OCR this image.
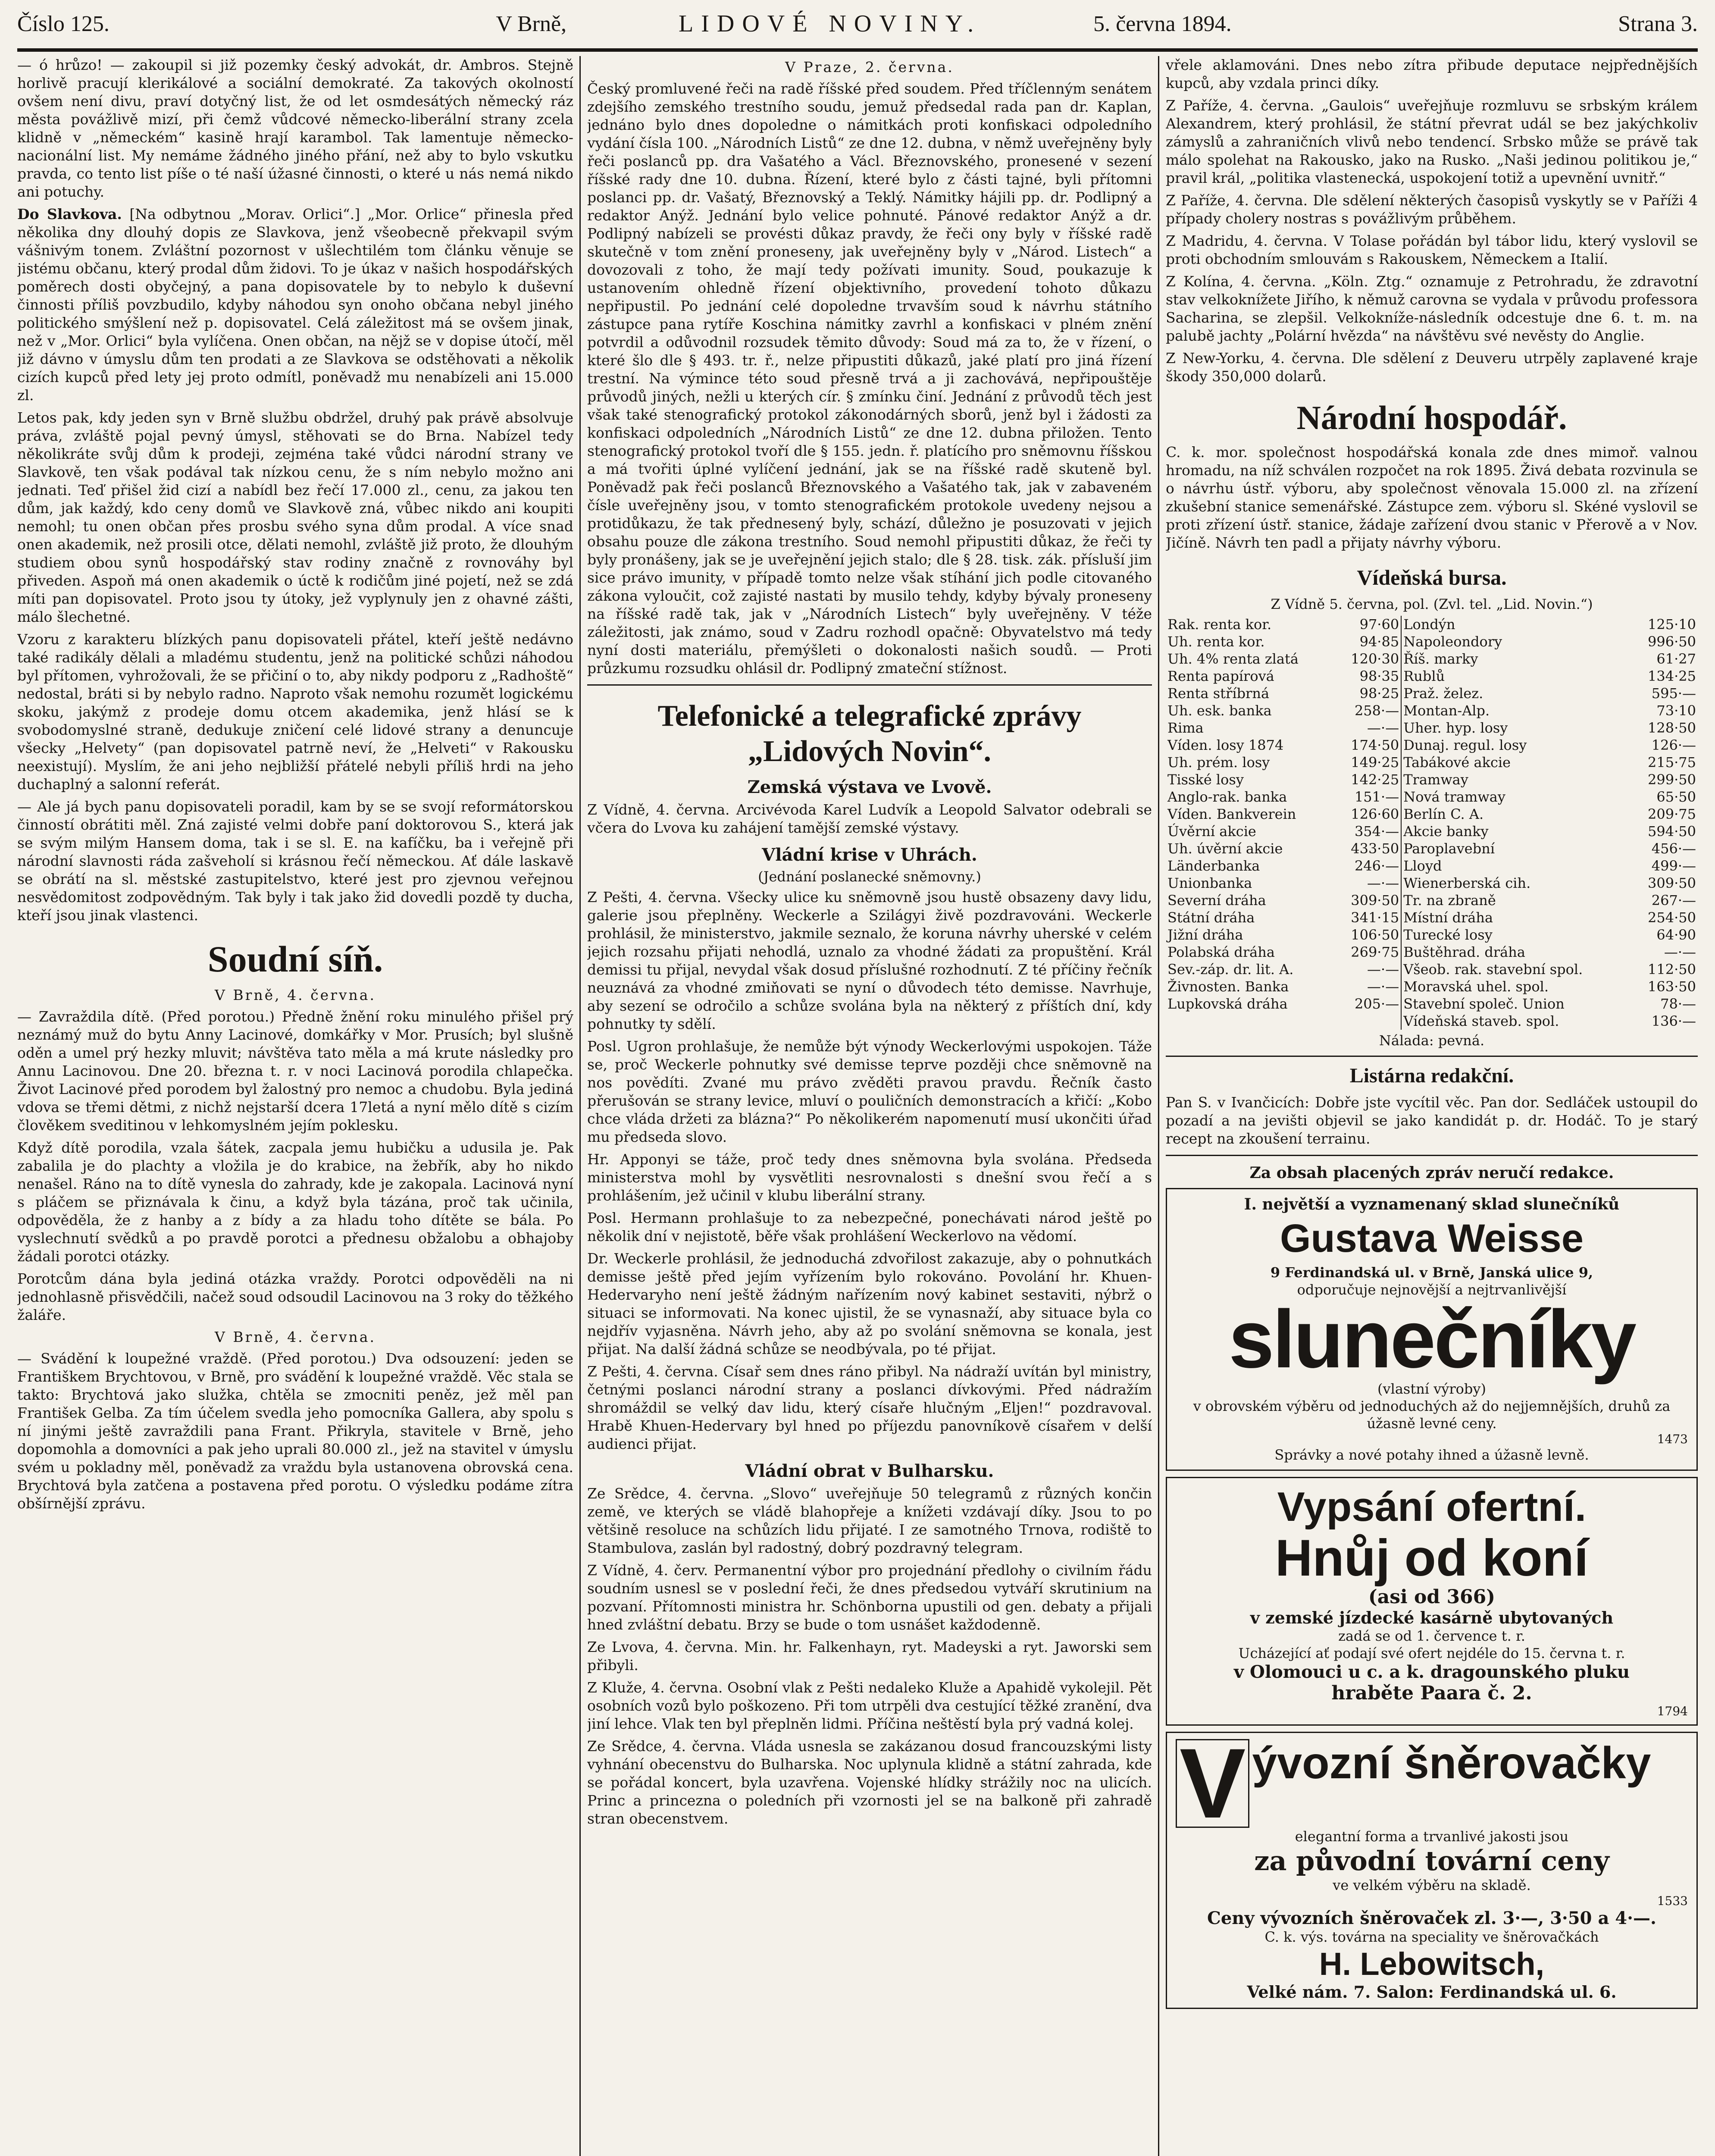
Číslo 125.	V Brně,	LIDOVÉ NOVINY.	5. června 1894.	Strana 3.

— ó hrůzo! — zakoupil si již pozemky český advokát, dr. Ambros. Stejně horlivě pracují klerikálové a sociální demokraté. Za takových okolností ovšem není divu, praví dotyčný list, že od let osmdesátých německý ráz města povážlivě mizí, při čemž vůdcové německo-liberální strany zcela klidně v „německém“ kasině hrají karambol. Tak lamentuje německo-nacionální list. My nemáme žádného jiného přání, než aby to bylo vskutku pravda, co tento list píše o té naší úžasné činnosti, o které u nás nemá nikdo ani potuchy.

Do Slavkova. [Na odbytnou „Morav. Orlici“.] „Mor. Orlice“ přinesla před několika dny dlouhý dopis ze Slavkova, jenž všeobecně překvapil svým vášnivým tonem. Zvláštní pozornost v ušlechtilém tom článku věnuje se jistému občanu, který prodal dům židovi. To je úkaz v našich hospodářských poměrech dosti obyčejný, a pana dopisovatele by to nebylo k duševní činnosti příliš povzbudilo, kdyby náhodou syn onoho občana nebyl jiného politického smýšlení než p. dopisovatel. Celá záležitost má se ovšem jinak, než v „Mor. Orlici“ byla vylíčena. Onen občan, na nějž se v dopise útočí, měl již dávno v úmyslu dům ten prodati a ze Slavkova se odstěhovati a několik cizích kupců před lety jej proto odmítl, poněvadž mu nenabízeli ani 15.000 zl.

Letos pak, kdy jeden syn v Brně službu obdržel, druhý pak právě absolvuje práva, zvláště pojal pevný úmysl, stěhovati se do Brna. Nabízel tedy několikráte svůj dům k prodeji, zejména také vůdci národní strany ve Slavkově, ten však podával tak nízkou cenu, že s ním nebylo možno ani jednati. Teď přišel žid cizí a nabídl bez řečí 17.000 zl., cenu, za jakou ten dům, jak každý, kdo ceny domů ve Slavkově zná, vůbec nikdo ani koupiti nemohl; tu onen občan přes prosbu svého syna dům prodal. A více snad onen akademik, než prosili otce, dělati nemohl, zvláště již proto, že dlouhým studiem obou synů hospodářský stav rodiny značně z rovnováhy byl přiveden. Aspoň má onen akademik o úctě k rodičům jiné pojetí, než se zdá míti pan dopisovatel. Proto jsou ty útoky, jež vyplynuly jen z ohavné zášti, málo šlechetné.

Vzoru z karakteru blízkých panu dopisovateli přátel, kteří ještě nedávno také radikály dělali a mladému studentu, jenž na politické schůzi náhodou byl přítomen, vyhrožovali, že se přičiní o to, aby nikdy podporu z „Radhoště“ nedostal, bráti si by nebylo radno. Naproto však nemohu rozumět logickému skoku, jakýmž z prodeje domu otcem akademika, jenž hlásí se k svobodomyslné straně, dedukuje zničení celé lidové strany a denuncuje všecky „Helvety“ (pan dopisovatel patrně neví, že „Helveti“ v Rakousku neexistují). Myslím, že ani jeho nejbližší přátelé nebyli příliš hrdi na jeho duchaplný a salonní referát.

— Ale já bych panu dopisovateli poradil, kam by se se svojí reformátorskou činností obrátiti měl. Zná zajisté velmi dobře paní doktorovou S., která jak se svým milým Hansem doma, tak i se sl. E. na kafíčku, ba i veřejně při národní slavnosti ráda zašveholí si krásnou řečí německou. Ať dále laskavě se obrátí na sl. městské zastupitelstvo, které jest pro zjevnou veřejnou nesvědomitost zodpovědným. Tak byly i tak jako žid dovedli pozdě ty ducha, kteří jsou jinak vlastenci.

Soudní síň.
V Brně, 4. června.

— Zavraždila dítě. (Před porotou.) Předně žnění roku minulého přišel prý neznámý muž do bytu Anny Lacinové, domkářky v Mor. Prusích; byl slušně oděn a umel prý hezky mluvit; návštěva tato měla a má krute následky pro Annu Lacinovou. Dne 20. března t. r. v noci Lacinová porodila chlapečka. Život Lacinové před porodem byl žalostný pro nemoc a chudobu. Byla jediná vdova se třemi dětmi, z nichž nejstarší dcera 17letá a nyní mělo dítě s cizím člověkem sveditinou v lehkomyslném jejím poklesku.

Když dítě porodila, vzala šátek, zacpala jemu hubičku a udusila je. Pak zabalila je do plachty a vložila je do krabice, na žebřík, aby ho nikdo nenašel. Ráno na to dítě vynesla do zahrady, kde je zakopala. Lacinová nyní s pláčem se přiznávala k činu, a když byla tázána, proč tak učinila, odpověděla, že z hanby a z bídy a za hladu toho dítěte se bála. Po vyslechnutí svědků a po pravdě porotci a přednesu obžalobu a obhajoby žádali porotci otázky.

Porotcům dána byla jediná otázka vraždy. Porotci odpověděli na ni jednohlasně přisvědčili, načež soud odsoudil Lacinovou na 3 roky do těžkého žaláře.

V Brně, 4. června.

— Svádění k loupežné vraždě. (Před porotou.) Dva odsouzení: jeden se Františkem Brychtovou, v Brně, pro svádění k loupežné vraždě. Věc stala se takto: Brychtová jako služka, chtěla se zmocniti peněz, jež měl pan František Gelba. Za tím účelem svedla jeho pomocníka Gallera, aby spolu s ní jinými ještě zavraždili pana Frant. Přikryla, stavitele v Brně, jeho dopomohla a domovníci a pak jeho uprali 80.000 zl., jež na stavitel v úmyslu svém u pokladny měl, poněvadž za vraždu byla ustanovena obrovská cena. Brychtová byla zatčena a postavena před porotu. O výsledku podáme zítra obšírnější zprávu.

V Praze, 2. června.

Český promluvené řeči na radě říšské před soudem. Před tříčlenným senátem zdejšího zemského trestního soudu, jemuž předsedal rada pan dr. Kaplan, jednáno bylo dnes dopoledne o námitkách proti konfiskaci odpoledního vydání čísla 100. „Národních Listů“ ze dne 12. dubna, v němž uveřejněny byly řeči poslanců pp. dra Vašatého a Václ. Březnovského, pronesené v sezení říšské rady dne 10. dubna. Řízení, které bylo z části tajné, byli přítomni poslanci pp. dr. Vašatý, Březnovský a Teklý. Námitky hájili pp. dr. Podlipný a redaktor Anýž. Jednání bylo velice pohnuté. Pánové redaktor Anýž a dr. Podlipný nabízeli se provésti důkaz pravdy, že řeči ony byly v říšské radě skutečně v tom znění proneseny, jak uveřejněny byly v „Národ. Listech“ a dovozovali z toho, že mají tedy požívati imunity. Soud, poukazuje k ustanovením ohledně řízení objektivního, provedení tohoto důkazu nepřipustil. Po jednání celé dopoledne trvavším soud k návrhu státního zástupce pana rytíře Koschina námitky zavrhl a konfiskaci v plném znění potvrdil a odůvodnil rozsudek těmito důvody: Soud má za to, že v řízení, o které šlo dle § 493. tr. ř., nelze připustiti důkazů, jaké platí pro jiná řízení trestní. Na výmince této soud přesně trvá a ji zachovává, nepřipouštěje průvodů jiných, nežli u kterých cír. § zmínku činí. Jednání z průvodů těch jest však také stenografický protokol zákonodárných sborů, jenž byl i žádosti za konfiskaci odpoledních „Národních Listů“ ze dne 12. dubna přiložen. Tento stenografický protokol tvoří dle § 155. jedn. ř. platícího pro sněmovnu říšskou a má tvořiti úplné vylíčení jednání, jak se na říšské radě skuteně byl. Poněvadž pak řeči poslanců Březnovského a Vašatého tak, jak v zabaveném čísle uveřejněny jsou, v tomto stenografickém protokole uvedeny nejsou a protidůkazu, že tak přednesený byly, schází, důležno je posuzovati v jejich obsahu pouze dle zákona trestního. Soud nemohl připustiti důkaz, že řeči ty byly pronášeny, jak se je uveřejnění jejich stalo; dle § 28. tisk. zák. přísluší jim sice právo imunity, v případě tomto nelze však stíhání jich podle citovaného zákona vyloučit, což zajisté nastati by musilo tehdy, kdyby bývaly proneseny na říšské radě tak, jak v „Národních Listech“ byly uveřejněny. V téže záležitosti, jak známo, soud v Zadru rozhodl opačně: Obyvatelstvo má tedy nyní dosti materiálu, přemýšleti o dokonalosti našich soudů. — Proti průzkumu rozsudku ohlásil dr. Podlipný zmateční stížnost.

Telefonické a telegrafické zprávy „Lidových Novin“.
Zemská výstava ve Lvově.

Z Vídně, 4. června. Arcivévoda Karel Ludvík a Leopold Salvator odebrali se včera do Lvova ku zahájení tamější zemské výstavy.

Vládní krise v Uhrách.
(Jednání poslanecké sněmovny.)

Z Pešti, 4. června. Všecky ulice ku sněmovně jsou hustě obsazeny davy lidu, galerie jsou přeplněny. Weckerle a Szilágyi živě pozdravováni. Weckerle prohlásil, že ministerstvo, jakmile seznalo, že koruna návrhy uherské v celém jejich rozsahu přijati nehodlá, uznalo za vhodné žádati za propuštění. Král demissi tu přijal, nevydal však dosud příslušné rozhodnutí. Z té příčiny řečník neuznává za vhodné zmiňovati se nyní o důvodech této demisse. Navrhuje, aby sezení se odročilo a schůze svolána byla na některý z příštích dní, kdy pohnutky ty sdělí.

Posl. Ugron prohlašuje, že nemůže být výnody Weckerlovými uspokojen. Táže se, proč Weckerle pohnutky své demisse teprve později chce sněmovně na nos povědíti. Zvané mu právo zvěděti pravou pravdu. Řečník často přerušován se strany levice, mluví o pouličních demonstracích a křičí: „Kobo chce vláda držeti za blázna?“ Po několikerém napomenutí musí ukončiti úřad mu předseda slovo.

Hr. Apponyi se táže, proč tedy dnes sněmovna byla svolána. Předseda ministerstva mohl by vysvětliti nesrovnalosti s dnešní svou řečí a s prohlášením, jež učinil v klubu liberální strany.

Posl. Hermann prohlašuje to za nebezpečné, ponechávati národ ještě po několik dní v nejistotě, běře však prohlášení Weckerlovo na vědomí.

Dr. Weckerle prohlásil, že jednoduchá zdvořilost zakazuje, aby o pohnutkách demisse ještě před jejím vyřízením bylo rokováno. Povolání hr. Khuen-Hedervaryho není ještě žádným nařízením nový kabinet sestaviti, nýbrž o situaci se informovati. Na konec ujistil, že se vynasnaží, aby situace byla co nejdřív vyjasněna. Návrh jeho, aby až po svolání sněmovna se konala, jest přijat. Na další žádná schůze se neodbývala, po té přijat.

Z Pešti, 4. června. Císař sem dnes ráno přibyl. Na nádraží uvítán byl ministry, četnými poslanci národní strany a poslanci dívkovými. Před nádražím shromáždil se velký dav lidu, který císaře hlučným „Eljen!“ pozdravoval. Hrabě Khuen-Hedervary byl hned po příjezdu panovníkově císařem v delší audienci přijat.

Vládní obrat v Bulharsku.

Ze Srědce, 4. června. „Slovo“ uveřejňuje 50 telegramů z různých končin země, ve kterých se vládě blahopřeje a knížeti vzdávají díky. Jsou to po většině resoluce na schůzích lidu přijaté. I ze samotného Trnova, rodiště to Stambulova, zaslán byl radostný, dobrý pozdravný telegram.

Z Vídně, 4. červ. Permanentní výbor pro projednání předlohy o civilním řádu soudním usnesl se v poslední řeči, že dnes předsedou vytváří skrutinium na pozvaní. Přítomnosti ministra hr. Schönborna upustili od gen. debaty a přijali hned zvláštní debatu. Brzy se bude o tom usnášet každodenně.

Ze Lvova, 4. června. Min. hr. Falkenhayn, ryt. Madeyski a ryt. Jaworski sem přibyli.

Z Kluže, 4. června. Osobní vlak z Pešti nedaleko Kluže a Apahidě vykolejil. Pět osobních vozů bylo poškozeno. Při tom utrpěli dva cestující těžké zranění, dva jiní lehce. Vlak ten byl přeplněn lidmi. Příčina neštěstí byla prý vadná kolej.

Ze Srědce, 4. června. Vláda usnesla se zakázanou dosud francouzskými listy vyhnání obecenstvu do Bulharska. Noc uplynula klidně a státní zahrada, kde se pořádal koncert, byla uzavřena. Vojenské hlídky strážily noc na ulicích. Princ a princezna o poledních při vzornosti jel se na balkoně při zahradě stran obecenstvem.

vřele aklamováni. Dnes nebo zítra přibude deputace nejpřednějších kupců, aby vzdala princi díky.

Z Paříže, 4. června. „Gaulois“ uveřejňuje rozmluvu se srbským králem Alexandrem, který prohlásil, že státní převrat udál se bez jakýchkoliv zámyslů a zahraničních vlivů nebo tendencí. Srbsko může se právě tak málo spolehat na Rakousko, jako na Rusko. „Naši jedinou politikou je,“ pravil král, „politika vlastenecká, uspokojení totiž a upevnění uvnitř.“

Z Paříže, 4. června. Dle sdělení některých časopisů vyskytly se v Paříži 4 případy cholery nostras s povážlivým průběhem.

Z Madridu, 4. června. V Tolase pořádán byl tábor lidu, který vyslovil se proti obchodním smlouvám s Rakouskem, Německem a Italií.

Z Kolína, 4. června. „Köln. Ztg.“ oznamuje z Petrohradu, že zdravotní stav velkoknížete Jiřího, k němuž carovna se vydala v průvodu professora Sacharina, se zlepšil. Velkokníže-následník odcestuje dne 6. t. m. na palubě jachty „Polární hvězda“ na návštěvu své nevěsty do Anglie.

Z New-Yorku, 4. června. Dle sdělení z Deuveru utrpěly zaplavené kraje škody 350,000 dolarů.

Národní hospodář.

C. k. mor. společnost hospodářská konala zde dnes mimoř. valnou hromadu, na níž schválen rozpočet na rok 1895. Živá debata rozvinula se o návrhu ústř. výboru, aby společnost věnovala 15.000 zl. na zřízení zkušební stanice semenářské. Zástupce zem. výboru sl. Skéné vyslovil se proti zřízení ústř. stanice, žádaje zařízení dvou stanic v Přerově a v Nov. Jičíně. Návrh ten padl a přijaty návrhy výboru.

Vídeňská bursa.
Z Vídně 5. června, pol. (Zvl. tel. „Lid. Novin.“)
Rak. renta kor.	97·60	Londýn	125·10
Uh. renta kor.	94·85	Napoleondory	996·50
Uh. 4% renta zlatá	120·30	Říš. marky	61·27
Renta papírová	98·35	Rublů	134·25
Renta stříbrná	98·25	Praž. želez.	595·—
Uh. esk. banka	258·—	Montan-Alp.	73·10
Rima	—·—	Uher. hyp. losy	128·50
Víden. losy 1874	174·50	Dunaj. regul. losy	126·—
Uh. prém. losy	149·25	Tabákové akcie	215·75
Tisské losy	142·25	Tramway	299·50
Anglo-rak. banka	151·—	Nová tramway	65·50
Víden. Bankverein	126·60	Berlín C. A.	209·75
Úvěrní akcie	354·—	Akcie banky	594·50
Uh. úvěrní akcie	433·50	Paroplavební	456·—
Länderbanka	246·—	Lloyd	499·—
Unionbanka	—·—	Wienerberská cih.	309·50
Severní dráha	309·50	Tr. na zbraně	267·—
Státní dráha	341·15	Místní dráha	254·50
Jižní dráha	106·50	Turecké losy	64·90
Polabská dráha	269·75	Buštěhrad. dráha	—·—
Sev.-záp. dr. lit. A.	—·—	Všeob. rak. stavební spol.	112·50
Živnosten. Banka	—·—	Moravská uhel. spol.	163·50
Lupkovská dráha	205·—	Stavební společ. Union	78·—
		Vídeňská staveb. spol.	136·—
Nálada: pevná.
Listárna redakční.

Pan S. v Ivančicích: Dobře jste vycítil věc. Pan dor. Sedláček ustoupil do pozadí a na jevišti objevil se jako kandidát p. dr. Hodáč. To je starý recept na zkoušení terrainu.

Za obsah placených zpráv neručí redakce.
I. největší a vyznamenaný sklad slunečníků
Gustava Weisse
9 Ferdinandská ul. v Brně, Janská ulice 9,
odporučuje nejnovější a nejtrvanlivější
slunečníky
(vlastní výroby)
v obrovském výběru od jednoduchých až do nejjemnějších, druhů za úžasně levné ceny.
1473
Správky a nové potahy ihned a úžasně levně.
Vypsání ofertní.
Hnůj od koní
(asi od 366)
v zemské jízdecké kasárně ubytovaných
zadá se od 1. července t. r.
Ucházející ať podají své ofert nejdéle do 15. června t. r.
v Olomouci u c. a k. dragounského pluku
hraběte Paara č. 2.
1794
V ývozní šněrovačky
elegantní forma a trvanlivé jakosti jsou
za původní tovární ceny
ve velkém výběru na skladě.
1533
Ceny vývozních šněrovaček zl. 3·—, 3·50 a 4·—.
C. k. výs. továrna na speciality ve šněrovačkách
H. Lebowitsch,
Velké nám. 7. Salon: Ferdinandská ul. 6.
